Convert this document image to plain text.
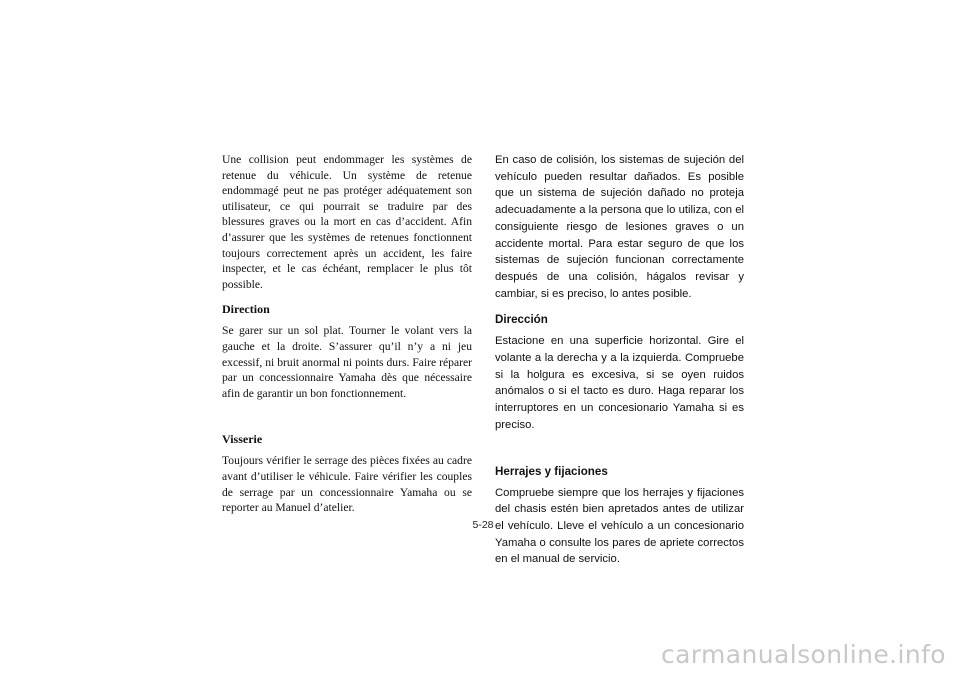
Une collision peut endommager les systèmes de retenue du véhicule. Un système de retenue endommagé peut ne pas protéger adéquatement son utilisateur, ce qui pourrait se traduire par des blessures graves ou la mort en cas d’accident. Afin d’assurer que les systèmes de retenues fonctionnent toujours correctement après un accident, les faire inspecter, et le cas échéant, remplacer le plus tôt possible.

Direction

Se garer sur un sol plat. Tourner le volant vers la gauche et la droite. S’assurer qu’il n’y a ni jeu excessif, ni bruit anormal ni points durs. Faire réparer par un concessionnaire Yamaha dès que nécessaire afin de garantir un bon fonctionnement.

Visserie

Toujours vérifier le serrage des pièces fixées au cadre avant d’utiliser le véhicule. Faire vérifier les couples de serrage par un concessionnaire Yamaha ou se reporter au Manuel d’atelier.

En caso de colisión, los sistemas de sujeción del vehículo pueden resultar dañados. Es posible que un sistema de sujeción dañado no proteja adecuadamente a la persona que lo utiliza, con el consiguiente riesgo de lesiones graves o un accidente mortal. Para estar seguro de que los sistemas de sujeción funcionan correctamente después de una colisión, hágalos revisar y cambiar, si es preciso, lo antes posible.

Dirección

Estacione en una superficie horizontal. Gire el volante a la derecha y a la izquierda. Compruebe si la holgura es excesiva, si se oyen ruidos anómalos o si el tacto es duro. Haga reparar los interruptores en un concesionario Yamaha si es preciso.

Herrajes y fijaciones

Compruebe siempre que los herrajes y fijaciones del chasis estén bien apretados antes de utilizar el vehículo. Lleve el vehículo a un concesionario Yamaha o consulte los pares de apriete correctos en el manual de servicio.

5-28
carmanualsonline.info
